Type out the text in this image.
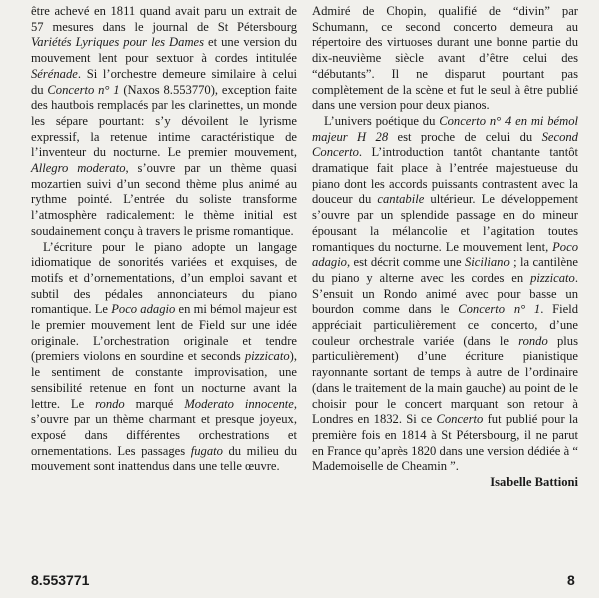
être achevé en 1811 quand avait paru un extrait de 57 mesures dans le journal de St Pétersbourg Variétés Lyriques pour les Dames et une version du mouvement lent pour sextuor à cordes intitulée Sérénade. Si l’orchestre demeure similaire à celui du Concerto n° 1 (Naxos 8.553770), exception faite des hautbois remplacés par les clarinettes, un monde les sépare pourtant: s’y dévoilent le lyrisme expressif, la retenue intime caractéristique de l’inventeur du nocturne. Le premier mouvement, Allegro moderato, s’ouvre par un thème quasi mozartien suivi d’un second thème plus animé au rythme pointé. L’entrée du soliste transforme l’atmosphère radicalement: le thème initial est soudainement conçu à travers le prisme romantique.

L’écriture pour le piano adopte un langage idiomatique de sonorités variées et exquises, de motifs et d’ornementations, d’un emploi savant et subtil des pédales annonciateurs du piano romantique. Le Poco adagio en mi bémol majeur est le premier mouvement lent de Field sur une idée originale. L’orchestration originale et tendre (premiers violons en sourdine et seconds pizzicato), le sentiment de constante improvisation, une sensibilité retenue en font un nocturne avant la lettre. Le rondo marqué Moderato innocente, s’ouvre par un thème charmant et presque joyeux, exposé dans différentes orchestrations et ornementations. Les passages fugato du milieu du mouvement sont inattendus dans une telle œuvre.

Admiré de Chopin, qualifié de “divin” par Schumann, ce second concerto demeura au répertoire des virtuoses durant une bonne partie du dix-neuvième siècle avant d’être celui des “débutants”. Il ne disparut pourtant pas complètement de la scène et fut le seul à être publié dans une version pour deux pianos.

L’univers poétique du Concerto n° 4 en mi bémol majeur H 28 est proche de celui du Second Concerto. L’introduction tantôt chantante tantôt dramatique fait place à l’entrée majestueuse du piano dont les accords puissants contrastent avec la douceur du cantabile ultérieur. Le développement s’ouvre par un splendide passage en do mineur épousant la mélancolie et l’agitation toutes romantiques du nocturne. Le mouvement lent, Poco adagio, est décrit comme une Siciliano ; la cantilène du piano y alterne avec les cordes en pizzicato. S’ensuit un Rondo animé avec pour basse un bourdon comme dans le Concerto n° 1. Field appréciait particulièrement ce concerto, d’une couleur orchestrale variée (dans le rondo plus particulièrement) d’une écriture pianistique rayonnante sortant de temps à autre de l’ordinaire (dans le traitement de la main gauche) au point de le choisir pour le concert marquant son retour à Londres en 1832. Si ce Concerto fut publié pour la première fois en 1814 à St Pétersbourg, il ne parut en France qu’après 1820 dans une version dédiée à “ Mademoiselle de Cheamin ”.

Isabelle Battioni

8.553771	8
